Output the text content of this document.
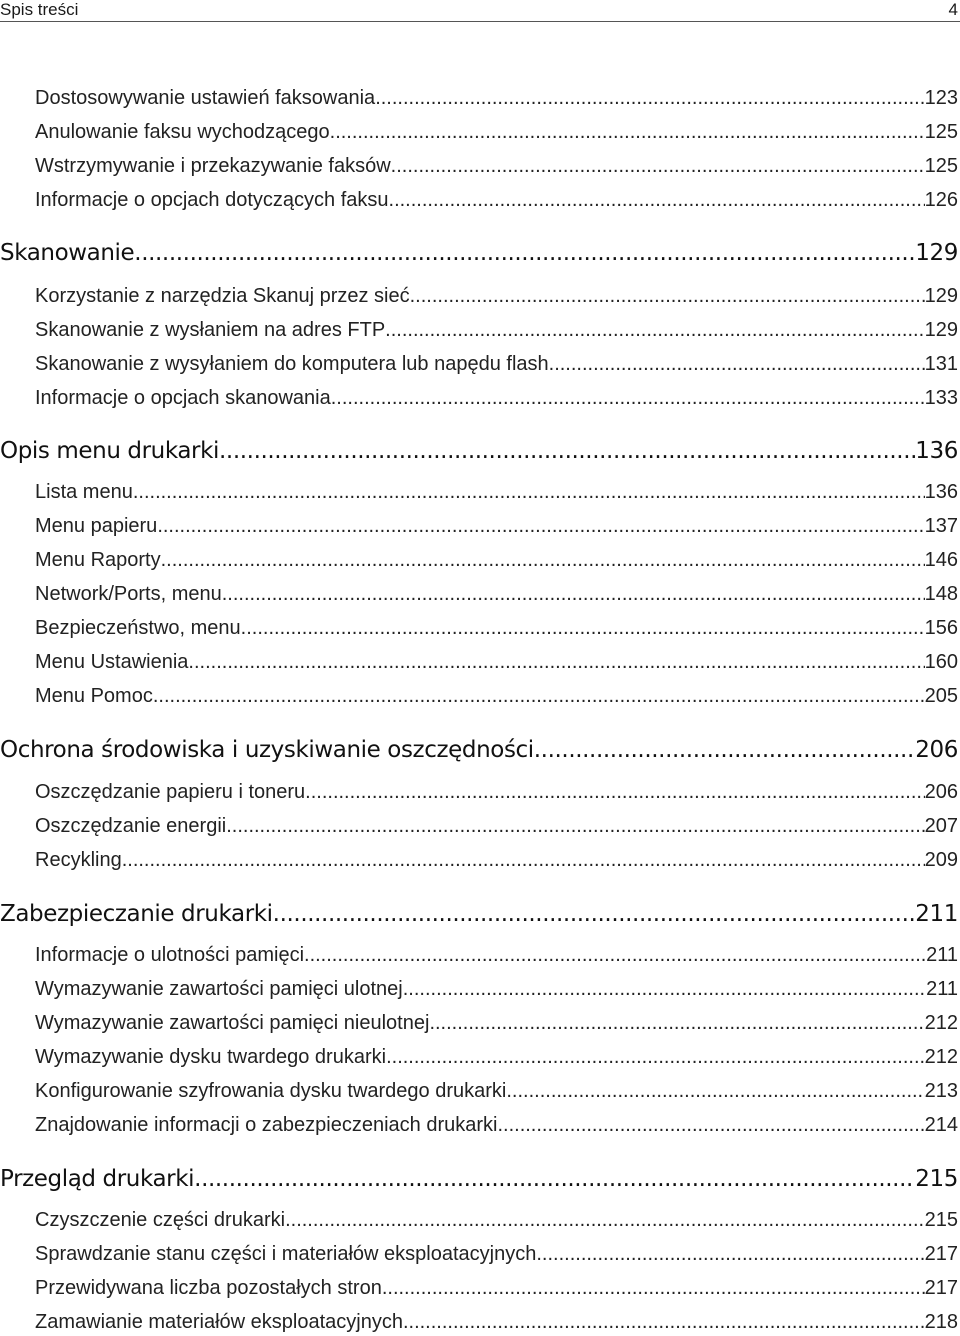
Spis treści	4
Dostosowywanie ustawień faksowania .....	123
Anulowanie faksu wychodzącego .....	125
Wstrzymywanie i przekazywanie faksów .....	125
Informacje o opcjach dotyczących faksu .....	126
Skanowanie .....	129
Korzystanie z narzędzia Skanuj przez sieć .....	129
Skanowanie z wysłaniem na adres FTP .....	129
Skanowanie z wysyłaniem do komputera lub napędu flash .....	131
Informacje o opcjach skanowania .....	133
Opis menu drukarki .....	136
Lista menu .....	136
Menu papieru .....	137
Menu Raporty .....	146
Network/Ports, menu .....	148
Bezpieczeństwo, menu .....	156
Menu Ustawienia .....	160
Menu Pomoc .....	205
Ochrona środowiska i uzyskiwanie oszczędności .....	206
Oszczędzanie papieru i toneru .....	206
Oszczędzanie energii .....	207
Recykling .....	209
Zabezpieczanie drukarki .....	211
Informacje o ulotności pamięci .....	211
Wymazywanie zawartości pamięci ulotnej .....	211
Wymazywanie zawartości pamięci nieulotnej .....	212
Wymazywanie dysku twardego drukarki .....	212
Konfigurowanie szyfrowania dysku twardego drukarki .....	213
Znajdowanie informacji o zabezpieczeniach drukarki .....	214
Przegląd drukarki .....	215
Czyszczenie części drukarki .....	215
Sprawdzanie stanu części i materiałów eksploatacyjnych .....	217
Przewidywana liczba pozostałych stron .....	217
Zamawianie materiałów eksploatacyjnych .....	218
